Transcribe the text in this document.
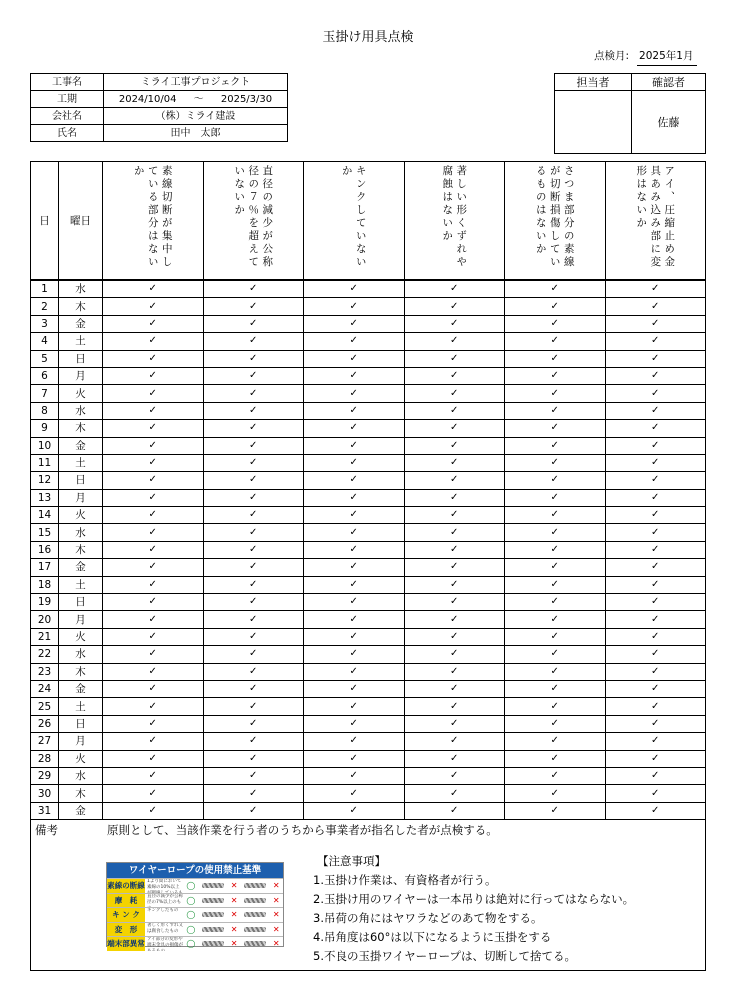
玉掛け用具点検
点検月: 2025年1月
工事名	ミライ工事プロジェクト
工期	2024/10/04 〜 2025/3/30
会社名	（株）ミライ建設
氏名	田中　太郎
担当者	確認者
	佐藤
日	曜日	素線切断が集中している部分はないか	直径の減少が公称径の７％を超えていないか	キンクしていないか	著しい形くずれや腐蝕はないか	さつま部分の素線が切断損傷しているものはないか	アイ、圧縮止め金具あみ込み部に変形はないか
1	水	✓	✓	✓	✓	✓	✓
2	木	✓	✓	✓	✓	✓	✓
3	金	✓	✓	✓	✓	✓	✓
4	土	✓	✓	✓	✓	✓	✓
5	日	✓	✓	✓	✓	✓	✓
6	月	✓	✓	✓	✓	✓	✓
7	火	✓	✓	✓	✓	✓	✓
8	水	✓	✓	✓	✓	✓	✓
9	木	✓	✓	✓	✓	✓	✓
10	金	✓	✓	✓	✓	✓	✓
11	土	✓	✓	✓	✓	✓	✓
12	日	✓	✓	✓	✓	✓	✓
13	月	✓	✓	✓	✓	✓	✓
14	火	✓	✓	✓	✓	✓	✓
15	水	✓	✓	✓	✓	✓	✓
16	木	✓	✓	✓	✓	✓	✓
17	金	✓	✓	✓	✓	✓	✓
18	土	✓	✓	✓	✓	✓	✓
19	日	✓	✓	✓	✓	✓	✓
20	月	✓	✓	✓	✓	✓	✓
21	火	✓	✓	✓	✓	✓	✓
22	水	✓	✓	✓	✓	✓	✓
23	木	✓	✓	✓	✓	✓	✓
24	金	✓	✓	✓	✓	✓	✓
25	土	✓	✓	✓	✓	✓	✓
26	日	✓	✓	✓	✓	✓	✓
27	月	✓	✓	✓	✓	✓	✓
28	火	✓	✓	✓	✓	✓	✓
29	水	✓	✓	✓	✓	✓	✓
30	木	✓	✓	✓	✓	✓	✓
31	金	✓	✓	✓	✓	✓	✓
備考	原則として、当該作業を行う者のうちから事業者が指名した者が点検する。
ワイヤーロープの使用禁止基準
素線の断線 1より間において素線の10%以上 ◯	✕	✕
摩　耗	直径の減少が公称径の7%以上のも ◯	✕	✕
キ ン ク	キンクしたもの ◯	✕	✕
変　形	著しく形くずれ又は腐食したもの ◯	✕	✕
端末部異常 アイ部分の変形や端末金具の損傷が ◯	✕	✕
【注意事項】
1.玉掛け作業は、有資格者が行う。
2.玉掛け用のワイヤーは一本吊りは絶対に行ってはならない。
3.吊荷の角にはヤワラなどのあて物をする。
4.吊角度は60°は以下になるように玉掛をする
5.不良の玉掛ワイヤーロープは、切断して捨てる。
